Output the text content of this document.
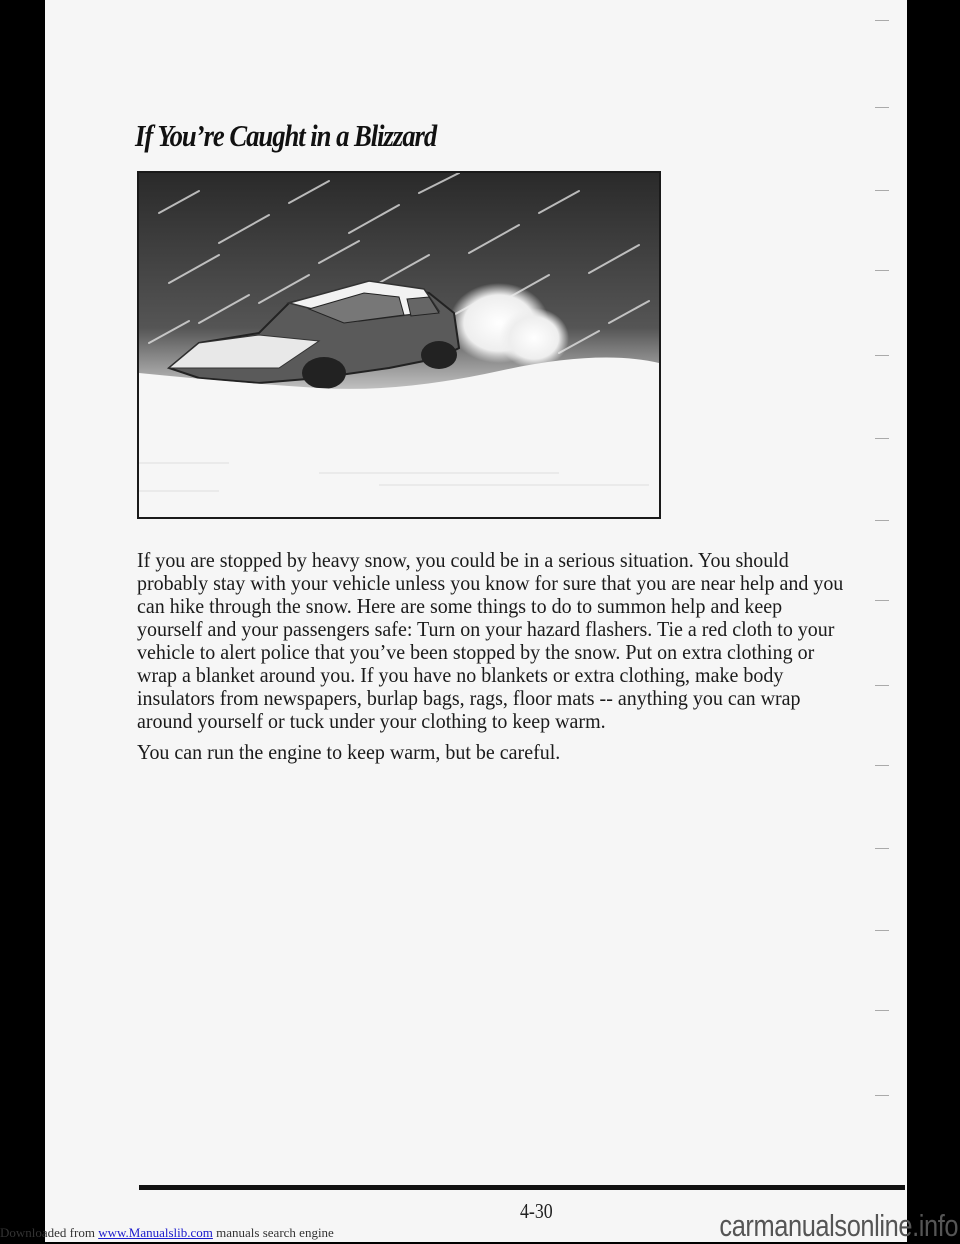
If You’re Caught in a Blizzard

If you are stopped by heavy snow, you could be in a serious situation. You should probably stay with your vehicle unless you know for sure that you are near help and you can hike through the snow. Here are some things to do to summon help and keep yourself and your passengers safe: Turn on your hazard flashers. Tie a red cloth to your vehicle to alert police that you’ve been stopped by the snow. Put on extra clothing or wrap a blanket around you. If you have no blankets or extra clothing, make body insulators from newspapers, burlap bags, rags, floor mats -- anything you can wrap around yourself or tuck under your clothing to keep warm.

You can run the engine to keep warm, but be careful.

4-30
Downloaded from www.Manualslib.com manuals search engine	carmanualsonline.info
